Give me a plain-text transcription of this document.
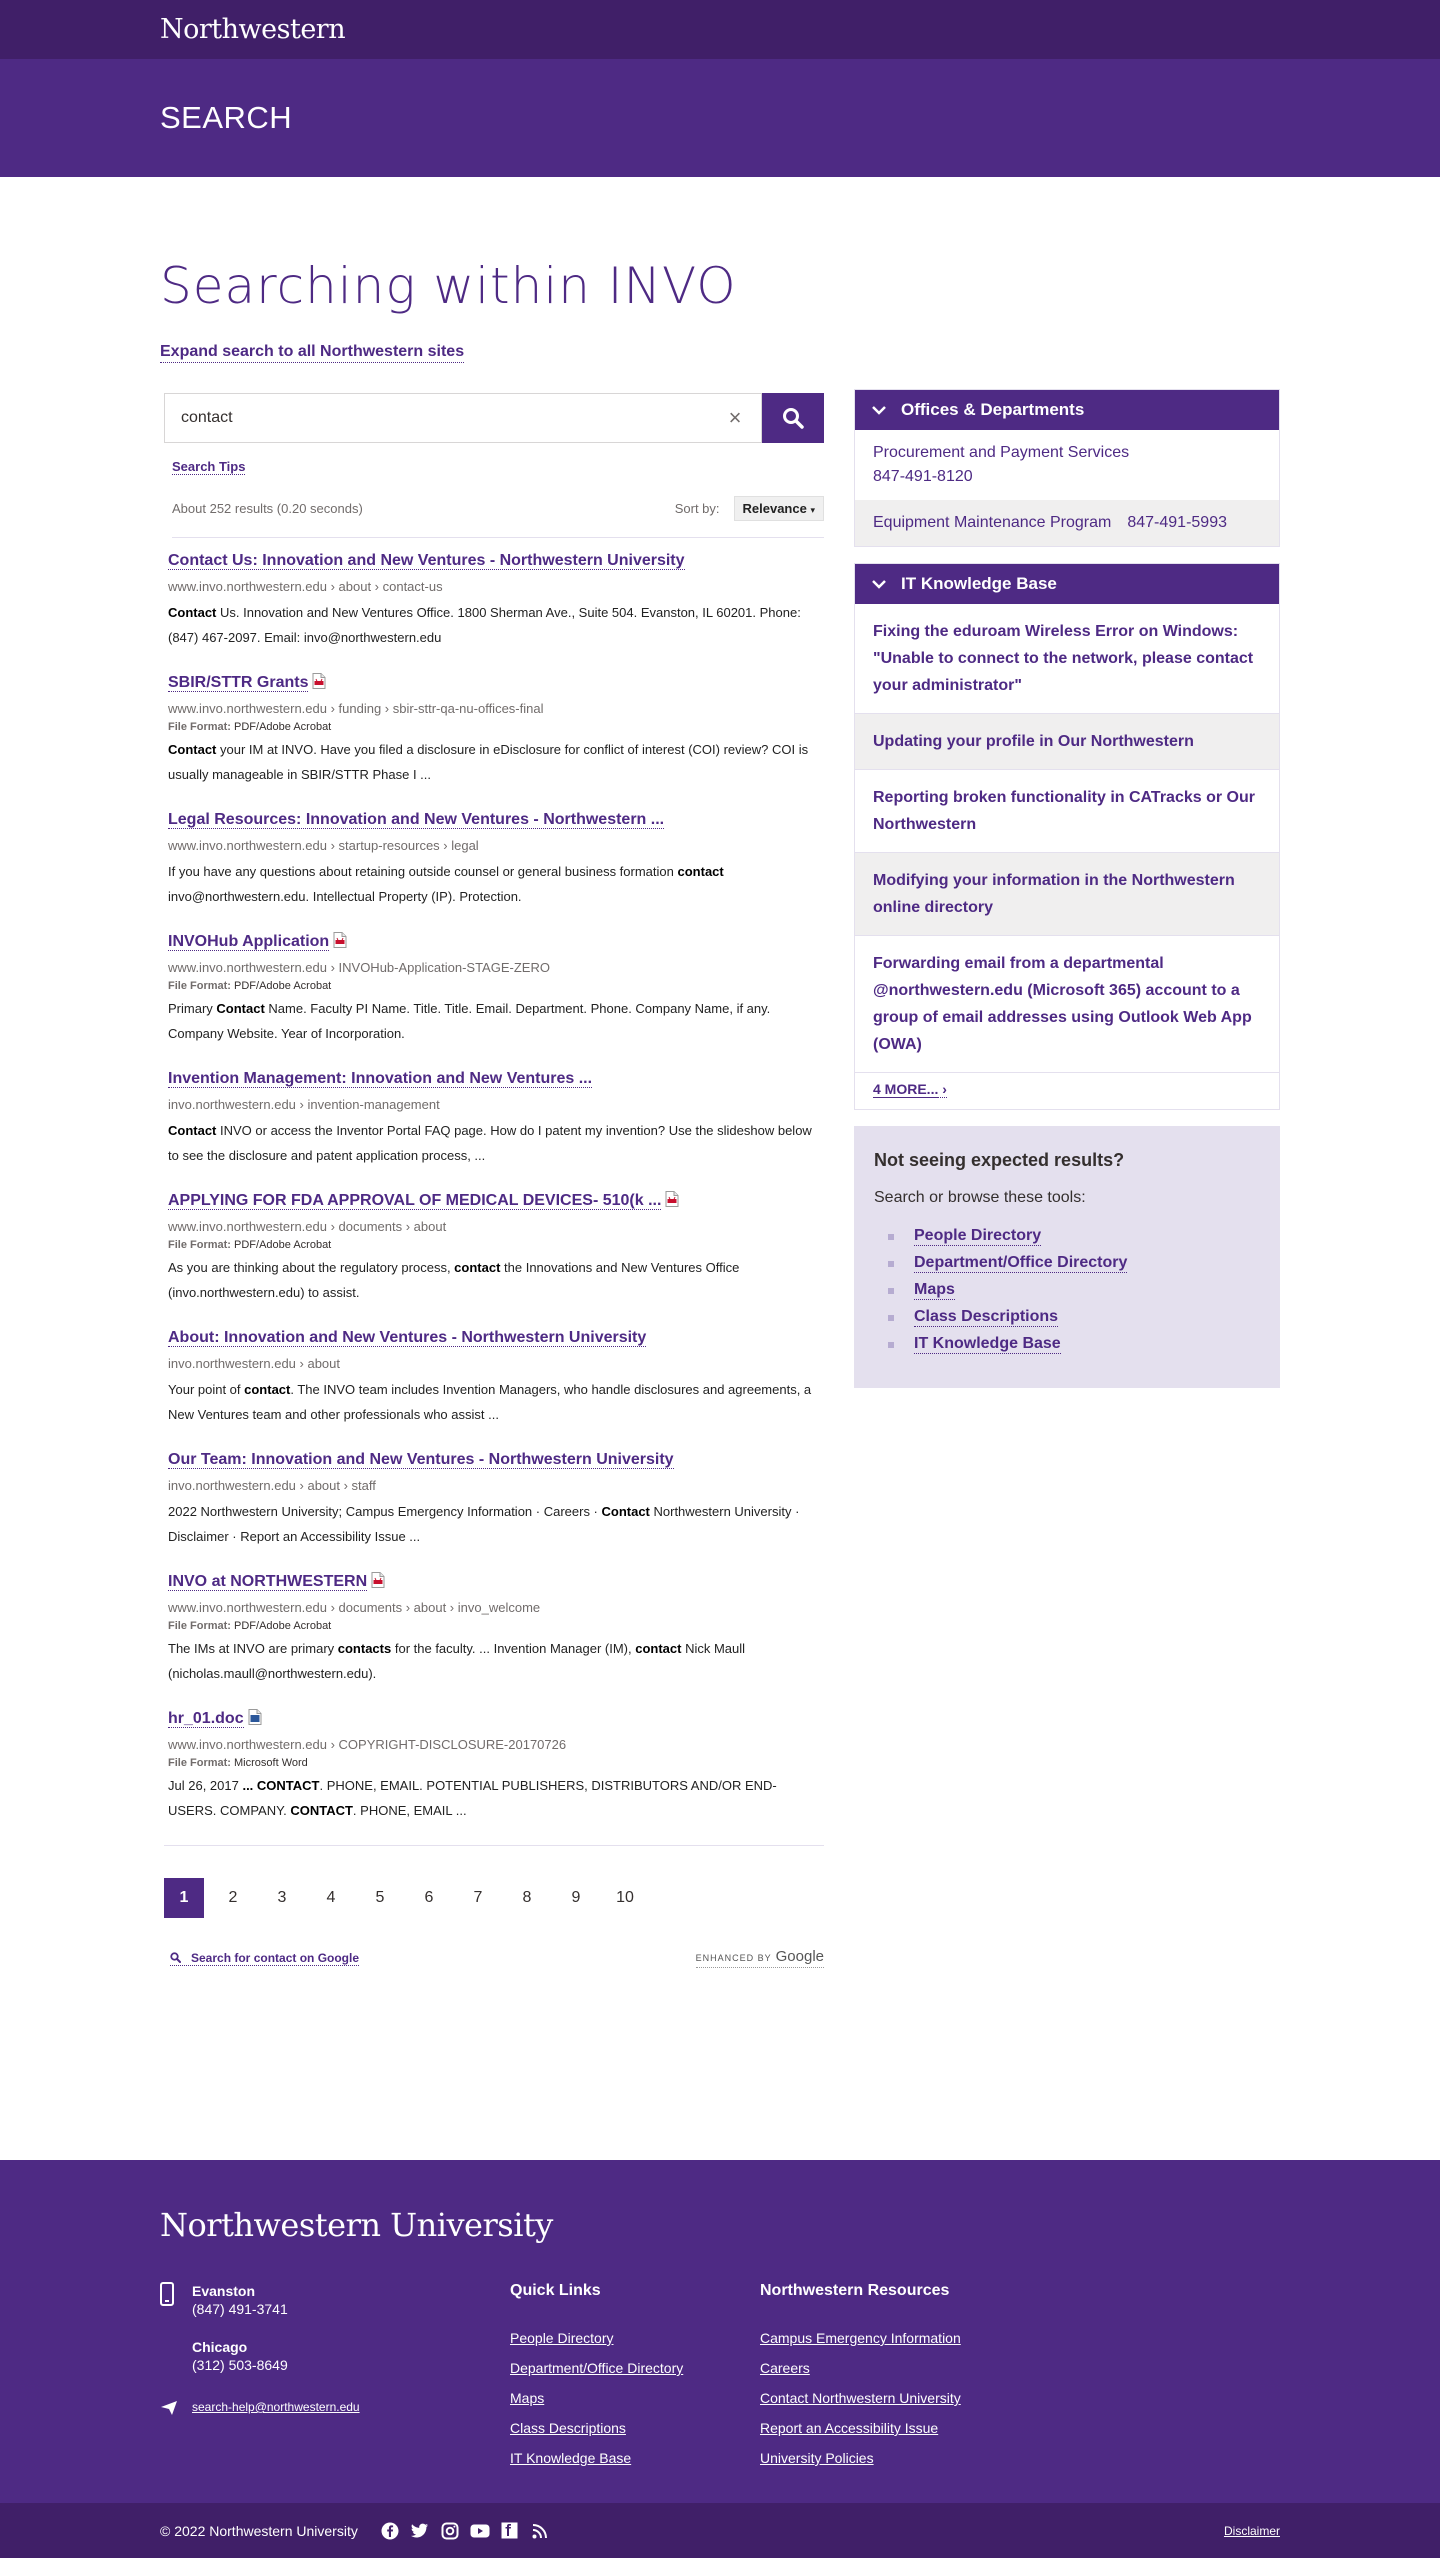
Northwestern
SEARCH
Searching within INVO
Expand search to all Northwestern sites
contact	×
Search Tips
About 252 results (0.20 seconds)	Sort by:	Relevance ▾
Contact Us: Innovation and New Ventures - Northwestern University
www.invo.northwestern.edu › about › contact-us
Contact Us. Innovation and New Ventures Office. 1800 Sherman Ave., Suite 504. Evanston, IL 60201. Phone: (847) 467-2097. Email: invo@northwestern.edu
SBIR/STTR Grants
www.invo.northwestern.edu › funding › sbir-sttr-qa-nu-offices-final
File Format: PDF/Adobe Acrobat
Contact your IM at INVO. Have you filed a disclosure in eDisclosure for conflict of interest (COI) review? COI is usually manageable in SBIR/STTR Phase I ...
Legal Resources: Innovation and New Ventures - Northwestern ...
www.invo.northwestern.edu › startup-resources › legal
If you have any questions about retaining outside counsel or general business formation contact invo@northwestern.edu. Intellectual Property (IP). Protection.
INVOHub Application
www.invo.northwestern.edu › INVOHub-Application-STAGE-ZERO
File Format: PDF/Adobe Acrobat
Primary Contact Name. Faculty PI Name. Title. Title. Email. Department. Phone. Company Name, if any. Company Website. Year of Incorporation.
Invention Management: Innovation and New Ventures ...
invo.northwestern.edu › invention-management
Contact INVO or access the Inventor Portal FAQ page. How do I patent my invention? Use the slideshow below to see the disclosure and patent application process, ...
APPLYING FOR FDA APPROVAL OF MEDICAL DEVICES- 510(k ...
www.invo.northwestern.edu › documents › about
File Format: PDF/Adobe Acrobat
As you are thinking about the regulatory process, contact the Innovations and New Ventures Office (invo.northwestern.edu) to assist.
About: Innovation and New Ventures - Northwestern University
invo.northwestern.edu › about
Your point of contact. The INVO team includes Invention Managers, who handle disclosures and agreements, a New Ventures team and other professionals who assist ...
Our Team: Innovation and New Ventures - Northwestern University
invo.northwestern.edu › about › staff
2022 Northwestern University; Campus Emergency Information · Careers · Contact Northwestern University · Disclaimer · Report an Accessibility Issue ...
INVO at NORTHWESTERN
www.invo.northwestern.edu › documents › about › invo_welcome
File Format: PDF/Adobe Acrobat
The IMs at INVO are primary contacts for the faculty. ... Invention Manager (IM), contact Nick Maull (nicholas.maull@northwestern.edu).
hr_01.doc
www.invo.northwestern.edu › COPYRIGHT-DISCLOSURE-20170726
File Format: Microsoft Word
Jul 26, 2017 ... CONTACT. PHONE, EMAIL. POTENTIAL PUBLISHERS, DISTRIBUTORS AND/OR END-USERS. COMPANY. CONTACT. PHONE, EMAIL ...
1	2	3	4	5	6	7	8	9	10
Search for contact on Google	ENHANCED BY Google
Offices & Departments
Procurement and Payment Services
847-491-8120
Equipment Maintenance Program 847-491-5993
IT Knowledge Base
Fixing the eduroam Wireless Error on Windows: "Unable to connect to the network, please contact your administrator"
Updating your profile in Our Northwestern
Reporting broken functionality in CATracks or Our Northwestern
Modifying your information in the Northwestern online directory
Forwarding email from a departmental @northwestern.edu (Microsoft 365) account to a group of email addresses using Outlook Web App (OWA)
4 MORE... ›
Not seeing expected results?

Search or browse these tools:

People Directory
Department/Office Directory
Maps
Class Descriptions
IT Knowledge Base
Northwestern University
Evanston
(847) 491-3741
Chicago
(312) 503-8649
search-help@northwestern.edu
Quick Links
People Directory
Department/Office Directory
Maps
Class Descriptions
IT Knowledge Base
Northwestern Resources
Campus Emergency Information
Careers
Contact Northwestern University
Report an Accessibility Issue
University Policies
© 2022 Northwestern University	Disclaimer
